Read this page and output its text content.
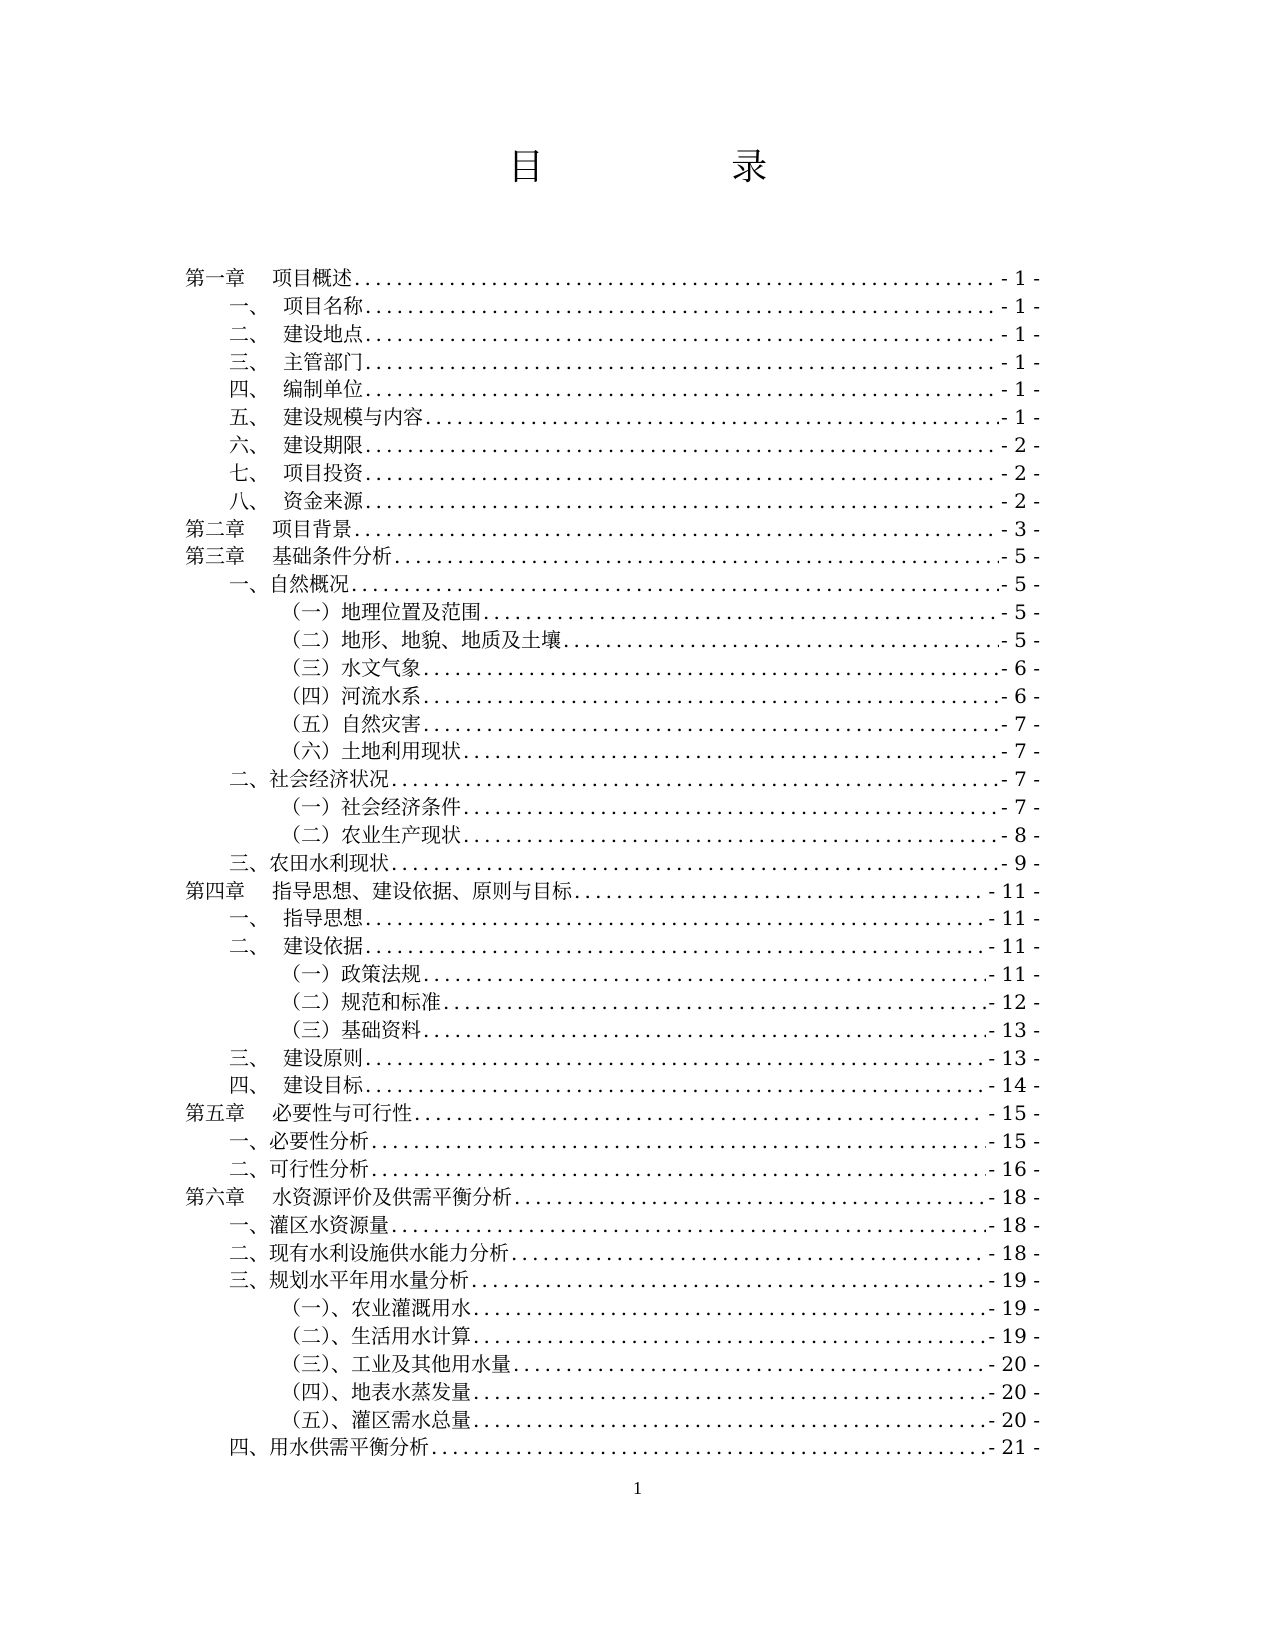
目 录
第一章 项目概述 .....	- 1 -
一、 项目名称 .....	- 1 -
二、 建设地点 .....	- 1 -
三、 主管部门 .....	- 1 -
四、 编制单位 .....	- 1 -
五、 建设规模与内容 .....	- 1 -
六、 建设期限 .....	- 2 -
七、 项目投资 .....	- 2 -
八、 资金来源 .....	- 2 -
第二章 项目背景 .....	- 3 -
第三章 基础条件分析 .....	- 5 -
一、自然概况 .....	- 5 -
（一）地理位置及范围 .....	- 5 -
（二）地形、地貌、地质及土壤 .....	- 5 -
（三）水文气象 .....	- 6 -
（四）河流水系 .....	- 6 -
（五）自然灾害 .....	- 7 -
（六）土地利用现状 .....	- 7 -
二、社会经济状况 .....	- 7 -
（一）社会经济条件 .....	- 7 -
（二）农业生产现状 .....	- 8 -
三、农田水利现状 .....	- 9 -
第四章 指导思想、建设依据、原则与目标 .....	- 11 -
一、 指导思想 .....	- 11 -
二、 建设依据 .....	- 11 -
（一）政策法规 .....	- 11 -
（二）规范和标准 .....	- 12 -
（三）基础资料 .....	- 13 -
三、 建设原则 .....	- 13 -
四、 建设目标 .....	- 14 -
第五章 必要性与可行性 .....	- 15 -
一、必要性分析 .....	- 15 -
二、可行性分析 .....	- 16 -
第六章 水资源评价及供需平衡分析 .....	- 18 -
一、灌区水资源量 .....	- 18 -
二、现有水利设施供水能力分析 .....	- 18 -
三、规划水平年用水量分析 .....	- 19 -
（一）、农业灌溉用水 .....	- 19 -
（二）、生活用水计算 .....	- 19 -
（三）、工业及其他用水量 .....	- 20 -
（四）、地表水蒸发量 .....	- 20 -
（五）、灌区需水总量 .....	- 20 -
四、用水供需平衡分析 .....	- 21 -
1
